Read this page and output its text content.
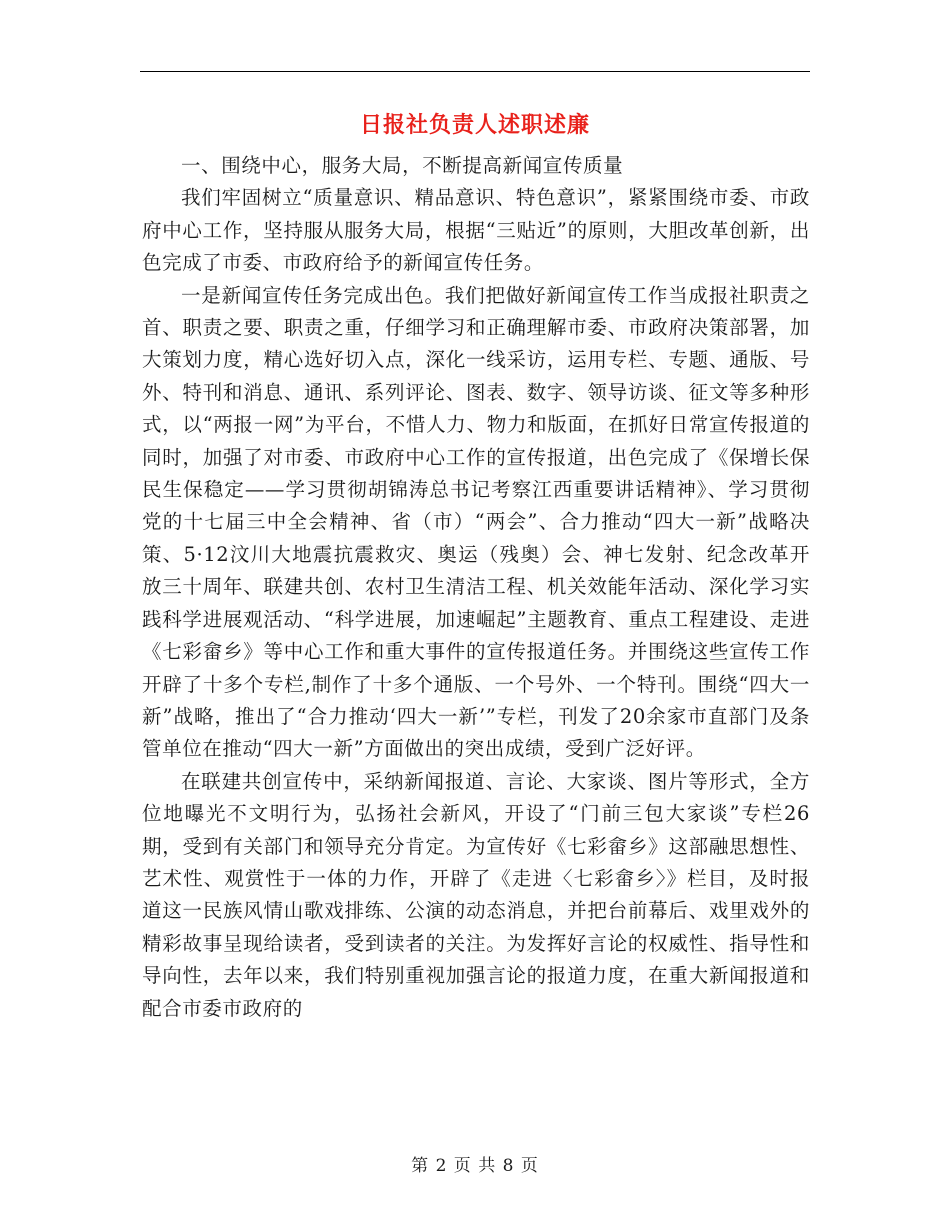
日报社负责人述职述廉

一、围绕中心，服务大局，不断提高新闻宣传质量

我们牢固树立“质量意识、精品意识、特色意识”，紧紧围绕市委、市政府中心工作，坚持服从服务大局，根据“三贴近”的原则，大胆改革创新，出色完成了市委、市政府给予的新闻宣传任务。

一是新闻宣传任务完成出色。我们把做好新闻宣传工作当成报社职责之首、职责之要、职责之重，仔细学习和正确理解市委、市政府决策部署，加大策划力度，精心选好切入点，深化一线采访，运用专栏、专题、通版、号外、特刊和消息、通讯、系列评论、图表、数字、领导访谈、征文等多种形式，以“两报一网”为平台，不惜人力、物力和版面，在抓好日常宣传报道的同时，加强了对市委、市政府中心工作的宣传报道，出色完成了《保增长保民生保稳定——学习贯彻胡锦涛总书记考察江西重要讲话精神》、学习贯彻党的十七届三中全会精神、省（市）“两会”、合力推动“四大一新”战略决策、5·12汶川大地震抗震救灾、奥运（残奥）会、神七发射、纪念改革开放三十周年、联建共创、农村卫生清洁工程、机关效能年活动、深化学习实践科学进展观活动、“科学进展，加速崛起”主题教育、重点工程建设、走进《七彩畲乡》等中心工作和重大事件的宣传报道任务。并围绕这些宣传工作开辟了十多个专栏,制作了十多个通版、一个号外、一个特刊。围绕“四大一新”战略，推出了“合力推动‘四大一新’”专栏，刊发了20余家市直部门及条管单位在推动“四大一新”方面做出的突出成绩，受到广泛好评。

在联建共创宣传中，采纳新闻报道、言论、大家谈、图片等形式，全方位地曝光不文明行为，弘扬社会新风，开设了“门前三包大家谈”专栏26期，受到有关部门和领导充分肯定。为宣传好《七彩畲乡》这部融思想性、艺术性、观赏性于一体的力作，开辟了《走进〈七彩畲乡〉》栏目，及时报道这一民族风情山歌戏排练、公演的动态消息，并把台前幕后、戏里戏外的精彩故事呈现给读者，受到读者的关注。为发挥好言论的权威性、指导性和导向性，去年以来，我们特别重视加强言论的报道力度，在重大新闻报道和配合市委市政府的

第 2 页 共 8 页
